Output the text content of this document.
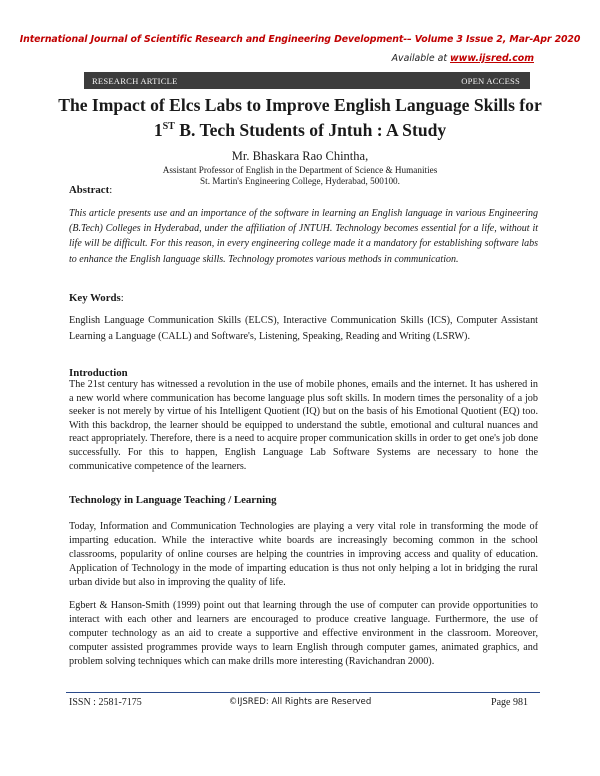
International Journal of Scientific Research and Engineering Development-– Volume 3 Issue 2, Mar-Apr 2020
Available at www.ijsred.com
RESEARCH ARTICLE	OPEN ACCESS
The Impact of Elcs Labs to Improve English Language Skills for
1ST B. Tech Students of Jntuh : A Study
Mr. Bhaskara Rao Chintha,
Assistant Professor of English in the Department of Science & Humanities
St. Martin's Engineering College, Hyderabad, 500100.
Abstract:
This article presents use and an importance of the software in learning an English language in various Engineering (B.Tech) Colleges in Hyderabad, under the affiliation of JNTUH. Technology becomes essential for a life, without it life will be difficult. For this reason, in every engineering college made it a mandatory for establishing software labs to enhance the English language skills. Technology promotes various methods in communication.
Key Words:
English Language Communication Skills (ELCS), Interactive Communication Skills (ICS), Computer Assistant Learning a Language (CALL) and Software's, Listening, Speaking, Reading and Writing (LSRW).
Introduction
The 21st century has witnessed a revolution in the use of mobile phones, emails and the internet. It has ushered in a new world where communication has become language plus soft skills. In modern times the personality of a job seeker is not merely by virtue of his Intelligent Quotient (IQ) but on the basis of his Emotional Quotient (EQ) too. With this backdrop, the learner should be equipped to understand the subtle, emotional and cultural nuances and react appropriately. Therefore, there is a need to acquire proper communication skills in order to get one's job done successfully. For this to happen, English Language Lab Software Systems are necessary to hone the communicative competence of the learners.
Technology in Language Teaching / Learning
Today, Information and Communication Technologies are playing a very vital role in transforming the mode of imparting education. While the interactive white boards are increasingly becoming common in the school classrooms, popularity of online courses are helping the countries in improving access and quality of education. Application of Technology in the mode of imparting education is thus not only helping a lot in bridging the rural urban divide but also in improving the quality of life.
Egbert & Hanson-Smith (1999) point out that learning through the use of computer can provide opportunities to interact with each other and learners are encouraged to produce creative language. Furthermore, the use of computer technology as an aid to create a supportive and effective environment in the classroom. Moreover, computer assisted programmes provide ways to learn English through computer games, animated graphics, and problem solving techniques which can make drills more interesting (Ravichandran 2000).
ISSN : 2581-7175	©IJSRED: All Rights are Reserved	Page 981
